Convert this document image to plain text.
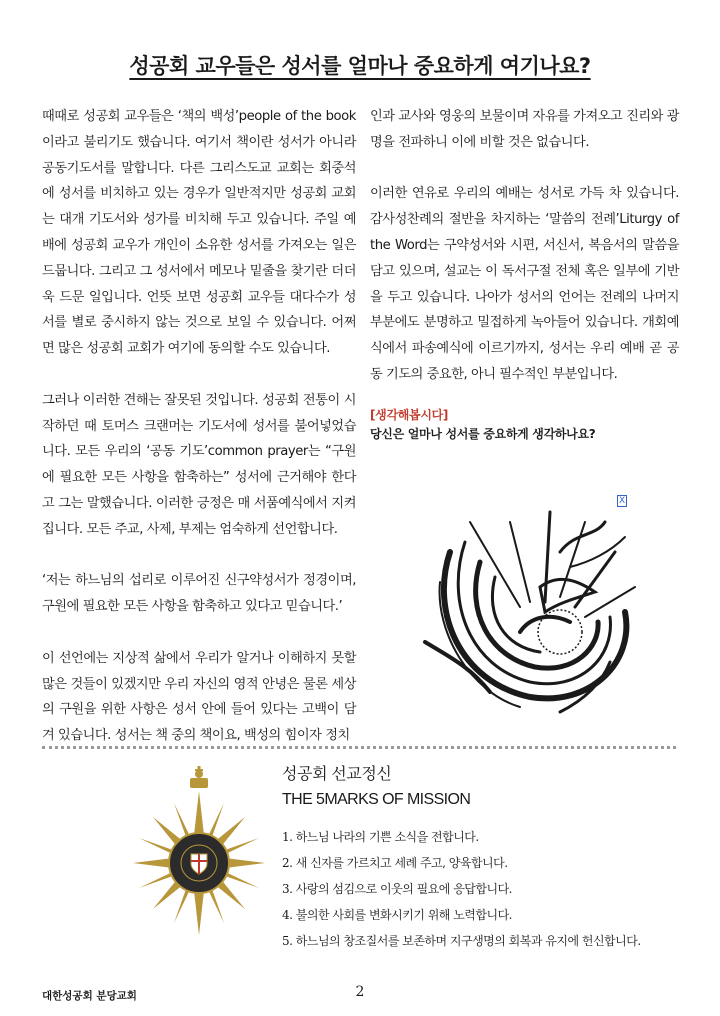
성공회 교우들은 성서를 얼마나 중요하게 여기나요?

때때로 성공회 교우들은 ‘책의 백성’people of the book이라고 불리기도 했습니다. 여기서 책이란 성서가 아니라 공동기도서를 말합니다. 다른 그리스도교 교회는 회중석에 성서를 비치하고 있는 경우가 일반적지만 성공회 교회는 대개 기도서와 성가를 비치해 두고 있습니다. 주일 예배에 성공회 교우가 개인이 소유한 성서를 가져오는 일은 드뭅니다. 그리고 그 성서에서 메모나 밑줄을 찾기란 더더욱 드문 일입니다. 언뜻 보면 성공회 교우들 대다수가 성서를 별로 중시하지 않는 것으로 보일 수 있습니다. 어쩌면 많은 성공회 교회가 여기에 동의할 수도 있습니다.

그러나 이러한 견해는 잘못된 것입니다. 성공회 전통이 시작하던 때 토머스 크랜머는 기도서에 성서를 불어넣었습니다. 모든 우리의 ‘공동 기도’common prayer는 “구원에 필요한 모든 사항을 함축하는” 성서에 근거해야 한다고 그는 말했습니다. 이러한 긍정은 매 서품예식에서 지켜집니다. 모든 주교, 사제, 부제는 엄숙하게 선언합니다.

‘저는 하느님의 섭리로 이루어진 신구약성서가 정경이며, 구원에 필요한 모든 사항을 함축하고 있다고 믿습니다.’

이 선언에는 지상적 삶에서 우리가 알거나 이해하지 못할 많은 것들이 있겠지만 우리 자신의 영적 안녕은 물론 세상의 구원을 위한 사항은 성서 안에 들어 있다는 고백이 담겨 있습니다. 성서는 책 중의 책이요, 백성의 힘이자 정치

인과 교사와 영웅의 보물이며 자유를 가져오고 진리와 광명을 전파하니 이에 비할 것은 없습니다.

이러한 연유로 우리의 예배는 성서로 가득 차 있습니다. 감사성찬례의 절반을 차지하는 ‘말씀의 전례’Liturgy of the Word는 구약성서와 시편, 서신서, 복음서의 말씀을 담고 있으며, 설교는 이 독서구절 전체 혹은 일부에 기반을 두고 있습니다. 나아가 성서의 언어는 전례의 나머지 부분에도 분명하고 밀접하게 녹아들어 있습니다. 개회예식에서 파송예식에 이르기까지, 성서는 우리 예배 곧 공동 기도의 중요한, 아니 필수적인 부분입니다.

[생각해봅시다]
당신은 얼마나 성서를 중요하게 생각하나요?
X
성공회 선교정신
THE 5MARKS OF MISSION
1. 하느님 나라의 기쁜 소식을 전합니다.
2. 새 신자를 가르치고 세례 주고, 양육합니다.
3. 사랑의 섬김으로 이웃의 필요에 응답합니다.
4. 불의한 사회를 변화시키기 위해 노력합니다.
5. 하느님의 창조질서를 보존하며 지구생명의 회복과 유지에 헌신합니다.
대한성공회 분당교회	2
